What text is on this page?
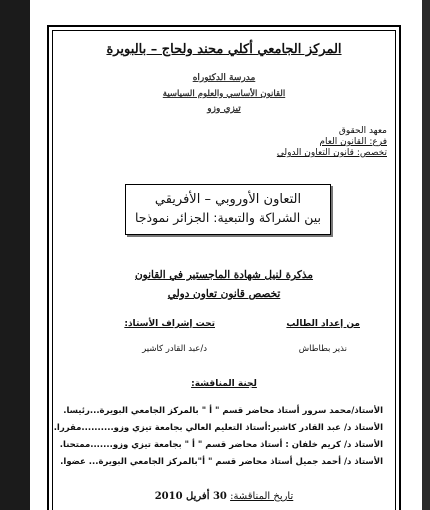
المركز الجامعي أكلي محند ولحاج – بالبويرة
مدرسة الدكتوراه
القانون الأساسي والعلوم السياسية
تيزي وزو
معهد الحقوق
فرع: القانون العام
تخصص: قانون التعاون الدولي
التعاون الأوروبي – الأفريقي
بين الشراكة والتبعية: الجزائر نموذجا
مذكرة لنيل شهادة الماجستير في القانون
تخصص قانون تعاون دولي
من إعداد الطالب
تحت إشراف الأستاذ:
نذير بطاطاش
د/عبد القادر كاشير
لجنة المناقشة:
الأستاذ/محمد سرور أستاذ محاضر قسم " أ " بالمركز الجامعي البويرة...رئيسا.
الأستاذ د/ عبد القادر كاشير:أستاذ التعليم العالي بجامعة تيزي وزو..........مقررا.
الأستاذ د/ كريم خلفان : أستاذ محاضر قسم " أ " بجامعة تيزي وزو.......ممتحنا.
الأستاذ د/ أحمد جميل أستاذ محاضر قسم " أ"بالمركز الجامعي البويرة... عضوا.
تاريخ المناقشة: 30 أفريل 2010
